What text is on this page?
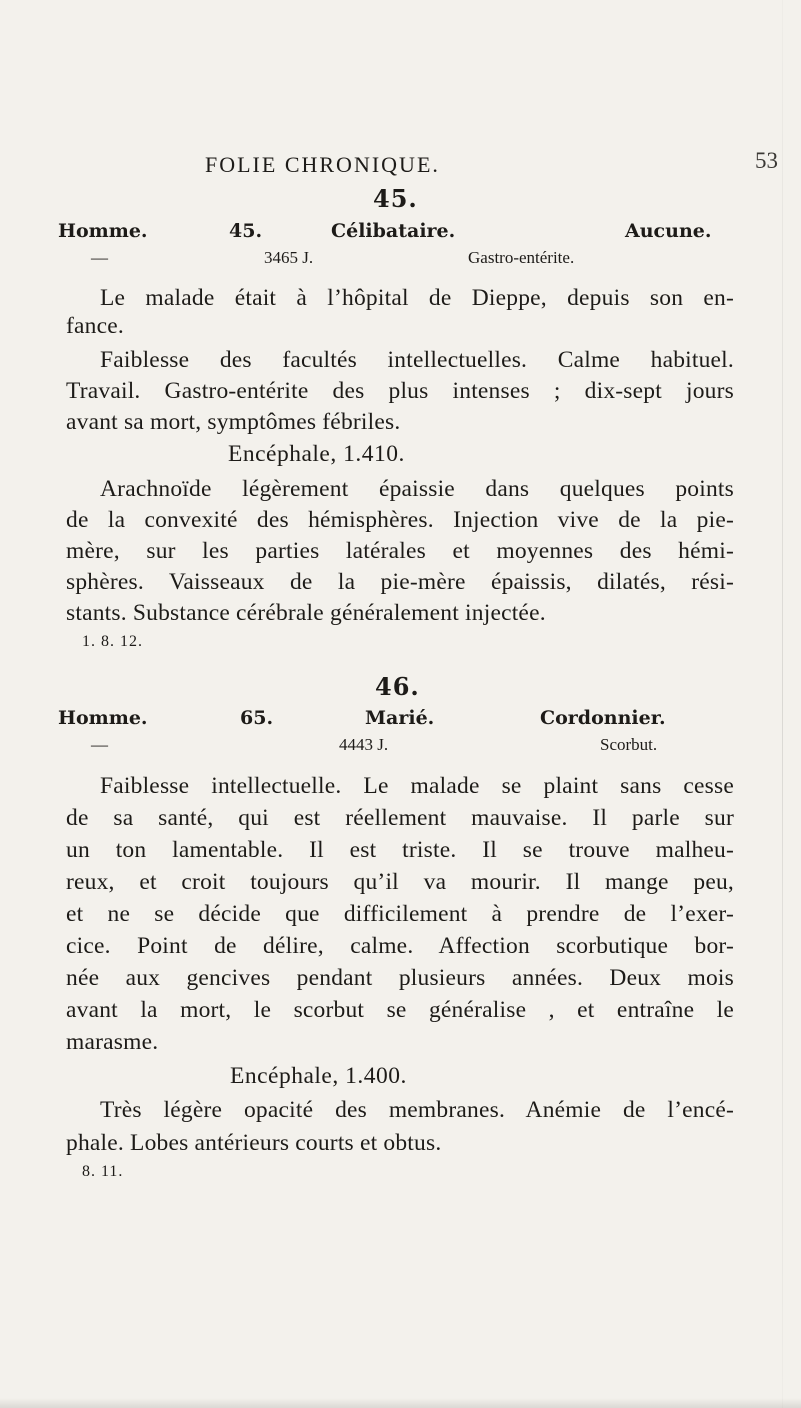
FOLIE CHRONIQUE.	53
45.
Homme.	45.	Célibataire.	Aucune.
—	3465 J.	Gastro-entérite.
Le malade était à l’hôpital de Dieppe, depuis son en-
fance.
Faiblesse des facultés intellectuelles. Calme habituel.
Travail. Gastro-entérite des plus intenses ; dix-sept jours
avant sa mort, symptômes fébriles.
Encéphale, 1.410.
Arachnoïde légèrement épaissie dans quelques points
de la convexité des hémisphères. Injection vive de la pie-
mère, sur les parties latérales et moyennes des hémi-
sphères. Vaisseaux de la pie-mère épaissis, dilatés, rési-
stants. Substance cérébrale généralement injectée.
1. 8. 12.
46.
Homme.	65.	Marié.	Cordonnier.
—	4443 J.	Scorbut.
Faiblesse intellectuelle. Le malade se plaint sans cesse
de sa santé, qui est réellement mauvaise. Il parle sur
un ton lamentable. Il est triste. Il se trouve malheu-
reux, et croit toujours qu’il va mourir. Il mange peu,
et ne se décide que difficilement à prendre de l’exer-
cice. Point de délire, calme. Affection scorbutique bor-
née aux gencives pendant plusieurs années. Deux mois
avant la mort, le scorbut se généralise , et entraîne le
marasme.
Encéphale, 1.400.
Très légère opacité des membranes. Anémie de l’encé-
phale. Lobes antérieurs courts et obtus.
8. 11.
